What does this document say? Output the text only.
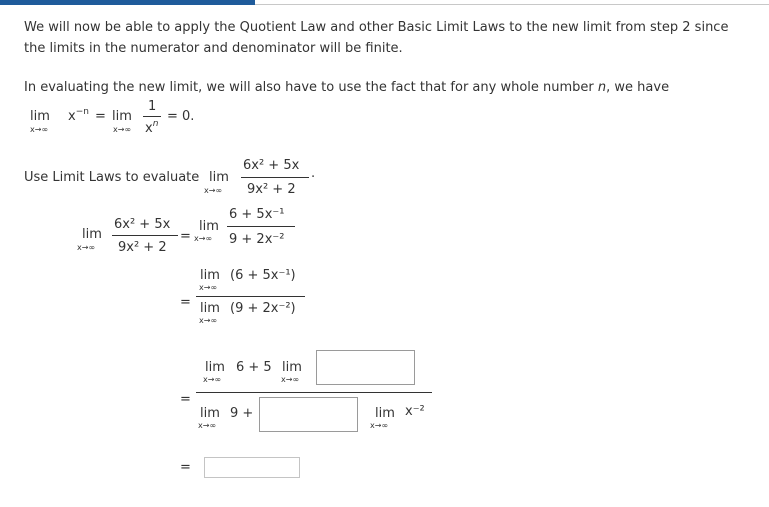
We will now be able to apply the Quotient Law and other Basic Limit Laws to the new limit from step 2 since the limits in the numerator and denominator will be finite.
In evaluating the new limit, we will also have to use the fact that for any whole number n, we have
lim
x→∞
$x^{-n} = \lim$
x→∞
1
$x^n = 0$.
Use Limit Laws to evaluate lim
x→∞
6x² + 5x
9x² + 2
.
lim
x→∞
6x² + 5x
9x² + 2
=
lim
x→∞
6 + 5x⁻¹
9 + 2x⁻²
lim
x→∞
(6 + 5x⁻¹)
= lim
x→∞
(9 + 2x⁻²)
lim
x→∞
6 + 5 lim
x→∞
=
lim
x→∞
9 +	lim
x→∞
x⁻²
=
